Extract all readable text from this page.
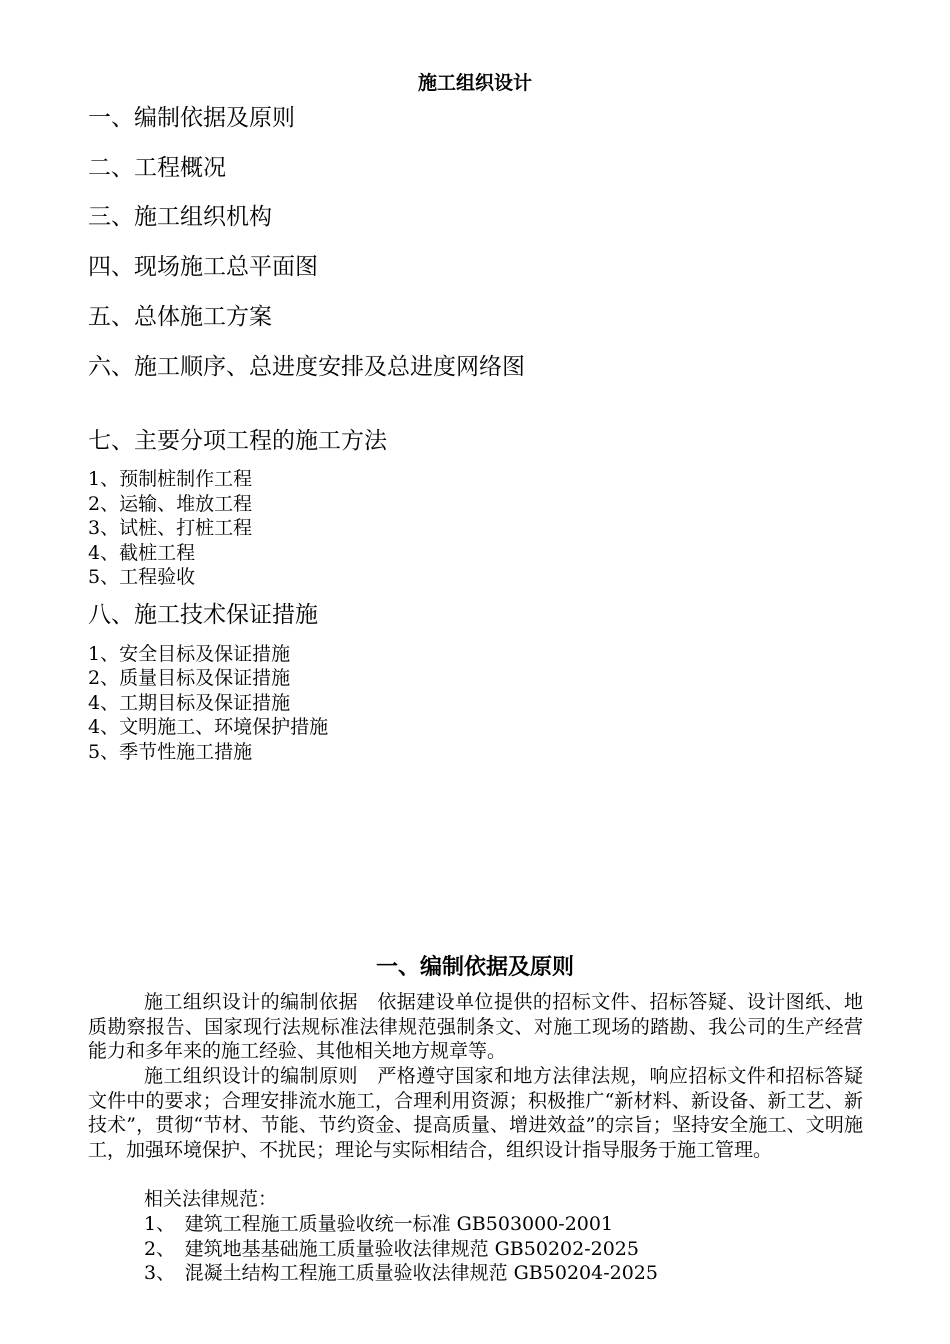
施工组织设计
一、编制依据及原则
二、工程概况
三、施工组织机构
四、现场施工总平面图
五、总体施工方案
六、施工顺序、总进度安排及总进度网络图
七、主要分项工程的施工方法
1、预制桩制作工程
2、运输、堆放工程
3、试桩、打桩工程
4、截桩工程
5、工程验收
八、施工技术保证措施
1、安全目标及保证措施
2、质量目标及保证措施
4、工期目标及保证措施
4、文明施工、环境保护措施
5、季节性施工措施
一、编制依据及原则
施工组织设计的编制依据　依据建设单位提供的招标文件、招标答疑、设计图纸、地质勘察报告、国家现行法规标准法律规范强制条文、对施工现场的踏勘、我公司的生产经营能力和多年来的施工经验、其他相关地方规章等。
施工组织设计的编制原则　严格遵守国家和地方法律法规，响应招标文件和招标答疑文件中的要求；合理安排流水施工，合理利用资源；积极推广“新材料、新设备、新工艺、新技术”，贯彻“节材、节能、节约资金、提高质量、增进效益”的宗旨；坚持安全施工、文明施工，加强环境保护、不扰民；理论与实际相结合，组织设计指导服务于施工管理。
相关法律规范：
1、　建筑工程施工质量验收统一标准 GB503000-2001
2、　建筑地基基础施工质量验收法律规范 GB50202-2025
3、　混凝土结构工程施工质量验收法律规范 GB50204-2025
